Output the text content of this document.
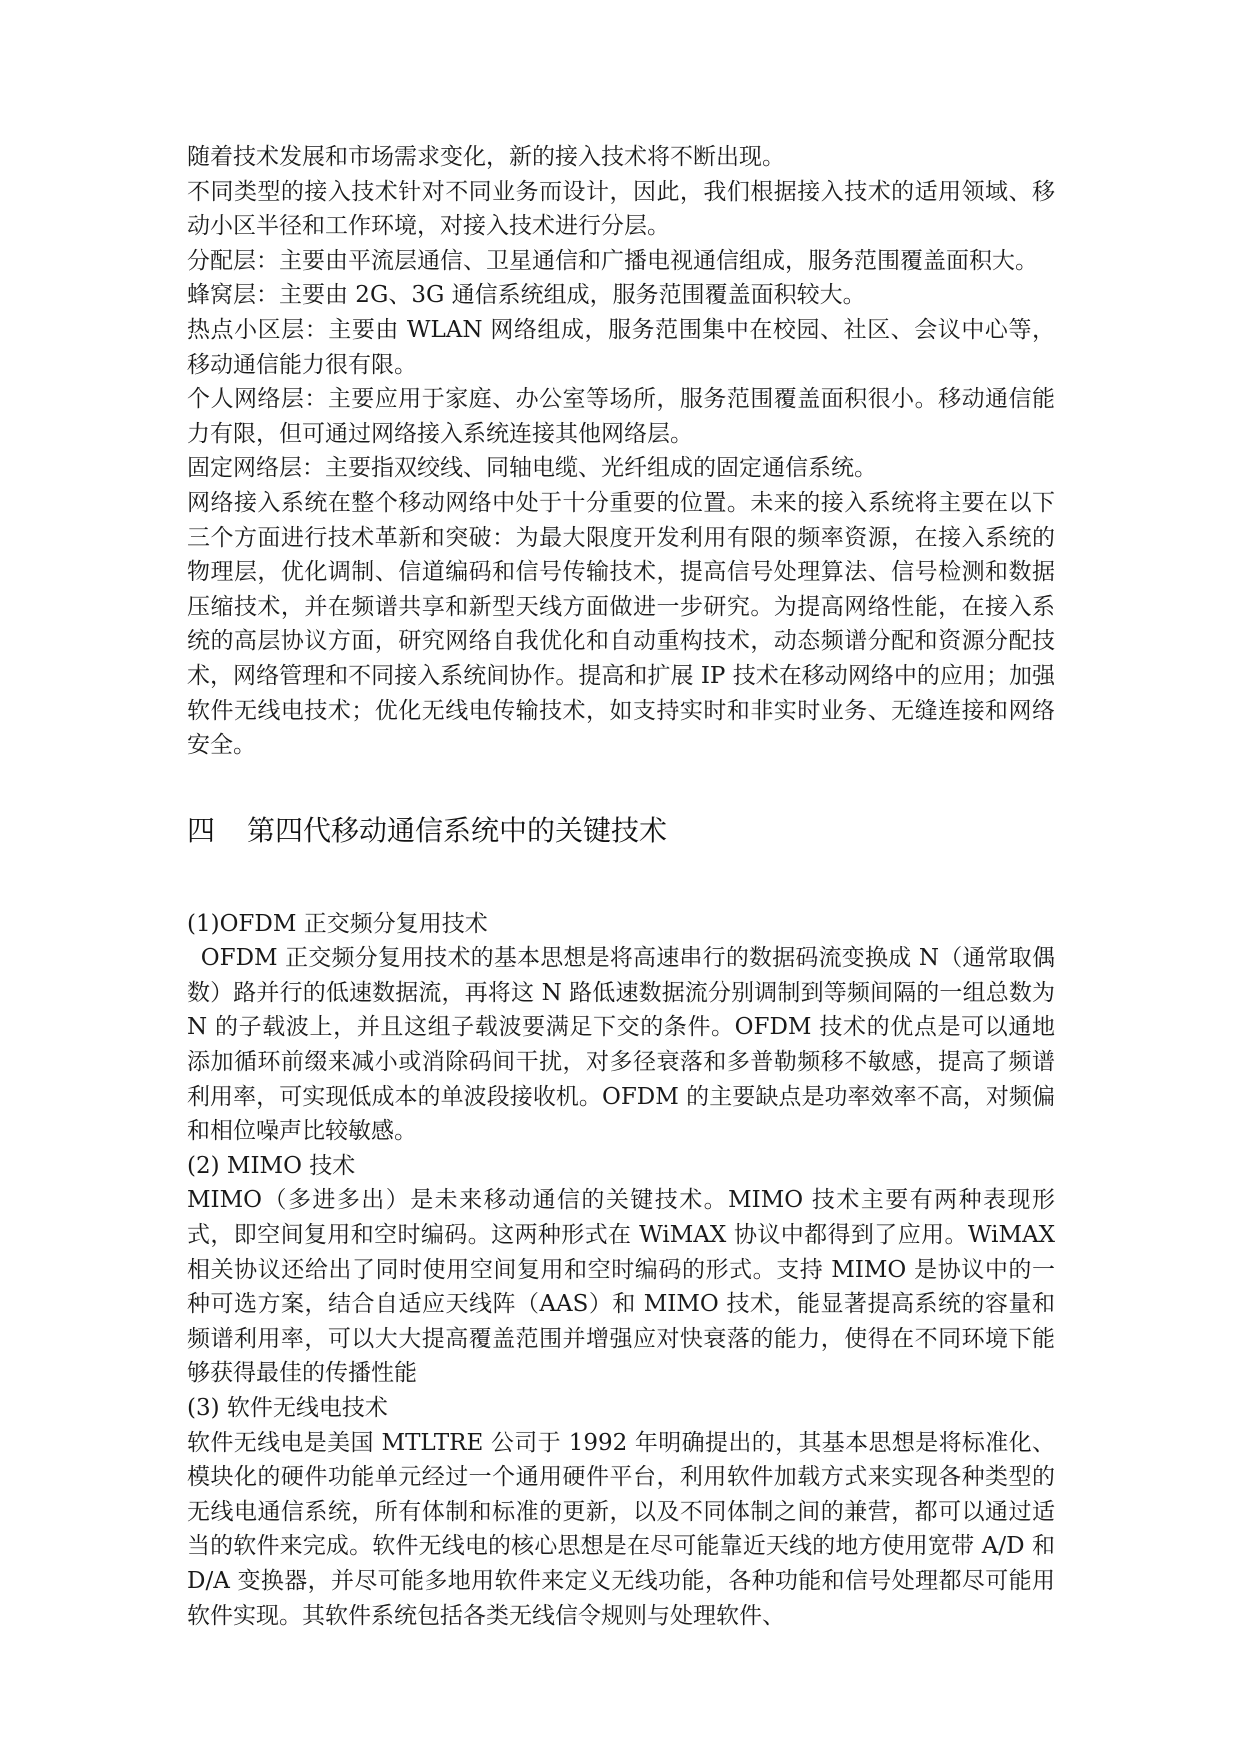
随着技术发展和市场需求变化，新的接入技术将不断出现。

不同类型的接入技术针对不同业务而设计，因此，我们根据接入技术的适用领域、移动小区半径和工作环境，对接入技术进行分层。

分配层：主要由平流层通信、卫星通信和广播电视通信组成，服务范围覆盖面积大。

蜂窝层：主要由 2G、3G 通信系统组成，服务范围覆盖面积较大。

热点小区层：主要由 WLAN 网络组成，服务范围集中在校园、社区、会议中心等，移动通信能力很有限。

个人网络层：主要应用于家庭、办公室等场所，服务范围覆盖面积很小。移动通信能力有限，但可通过网络接入系统连接其他网络层。

固定网络层：主要指双绞线、同轴电缆、光纤组成的固定通信系统。

网络接入系统在整个移动网络中处于十分重要的位置。未来的接入系统将主要在以下三个方面进行技术革新和突破：为最大限度开发利用有限的频率资源，在接入系统的物理层，优化调制、信道编码和信号传输技术，提高信号处理算法、信号检测和数据压缩技术，并在频谱共享和新型天线方面做进一步研究。为提高网络性能，在接入系统的高层协议方面，研究网络自我优化和自动重构技术，动态频谱分配和资源分配技术，网络管理和不同接入系统间协作。提高和扩展 IP 技术在移动网络中的应用；加强软件无线电技术；优化无线电传输技术，如支持实时和非实时业务、无缝连接和网络安全。

四 第四代移动通信系统中的关键技术

(1)OFDM 正交频分复用技术

OFDM 正交频分复用技术的基本思想是将高速串行的数据码流变换成 N（通常取偶数）路并行的低速数据流，再将这 N 路低速数据流分别调制到等频间隔的一组总数为 N 的子载波上，并且这组子载波要满足下交的条件。OFDM 技术的优点是可以通地添加循环前缀来减小或消除码间干扰，对多径衰落和多普勒频移不敏感，提高了频谱利用率，可实现低成本的单波段接收机。OFDM 的主要缺点是功率效率不高，对频偏和相位噪声比较敏感。

(2) MIMO 技术

MIMO（多进多出）是未来移动通信的关键技术。MIMO 技术主要有两种表现形式，即空间复用和空时编码。这两种形式在 WiMAX 协议中都得到了应用。WiMAX 相关协议还给出了同时使用空间复用和空时编码的形式。支持 MIMO 是协议中的一种可选方案，结合自适应天线阵（AAS）和 MIMO 技术，能显著提高系统的容量和频谱利用率，可以大大提高覆盖范围并增强应对快衰落的能力，使得在不同环境下能够获得最佳的传播性能

(3) 软件无线电技术

软件无线电是美国 MTLTRE 公司于 1992 年明确提出的，其基本思想是将标准化、模块化的硬件功能单元经过一个通用硬件平台，利用软件加载方式来实现各种类型的无线电通信系统，所有体制和标准的更新，以及不同体制之间的兼营，都可以通过适当的软件来完成。软件无线电的核心思想是在尽可能靠近天线的地方使用宽带 A/D 和 D/A 变换器，并尽可能多地用软件来定义无线功能，各种功能和信号处理都尽可能用软件实现。其软件系统包括各类无线信令规则与处理软件、
